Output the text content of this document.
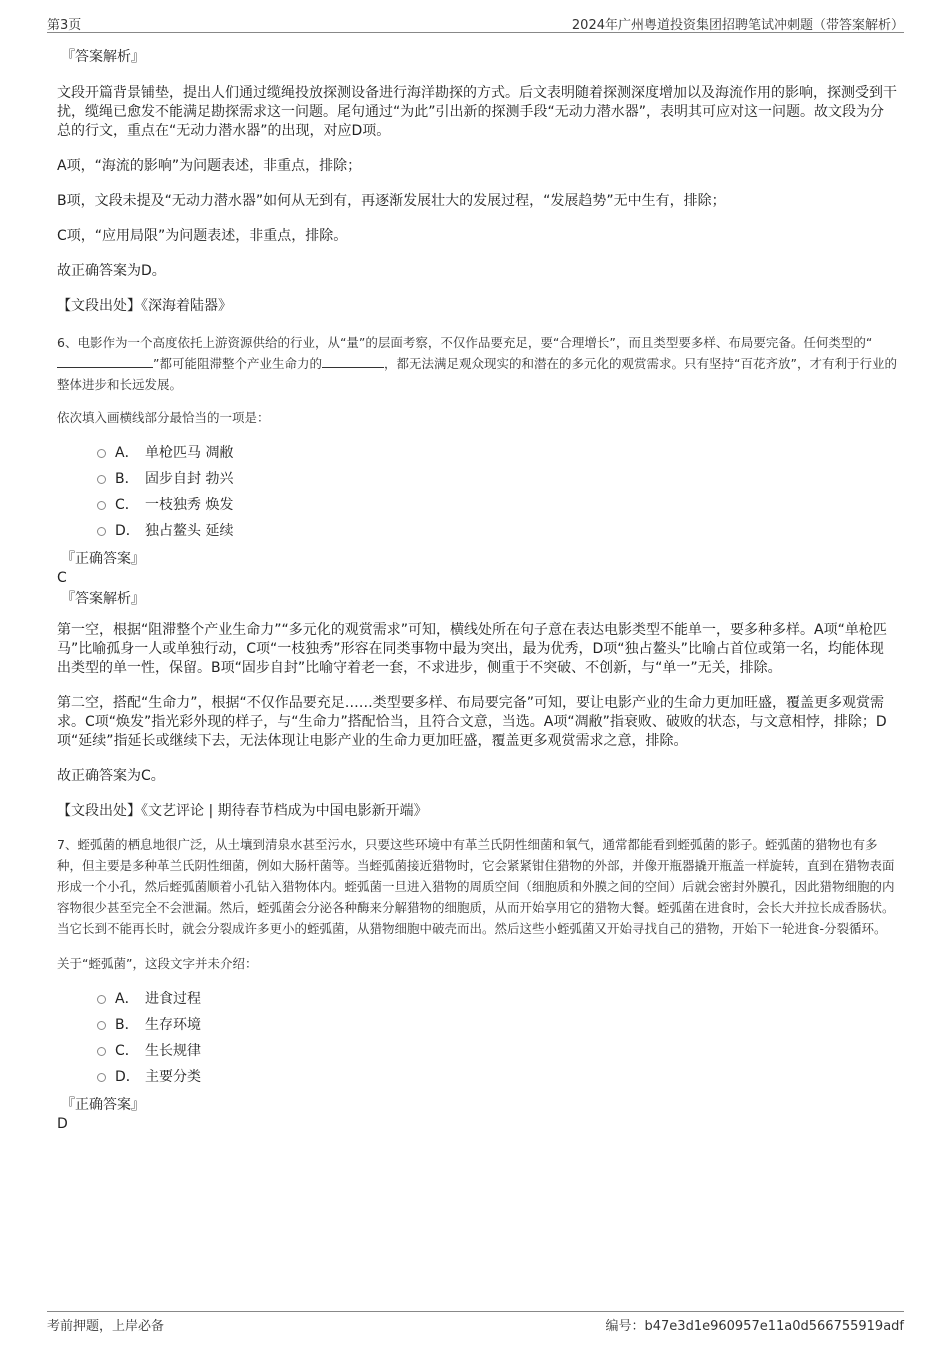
第3页	2024年广州粤道投资集团招聘笔试冲刺题（带答案解析）

『答案解析』

文段开篇背景铺垫，提出人们通过缆绳投放探测设备进行海洋勘探的方式。后文表明随着探测深度增加以及海流作用的影响，探测受到干扰，缆绳已愈发不能满足勘探需求这一问题。尾句通过“为此”引出新的探测手段“无动力潜水器”，表明其可应对这一问题。故文段为分总的行文，重点在“无动力潜水器”的出现，对应D项。

A项，“海流的影响”为问题表述，非重点，排除；

B项，文段未提及“无动力潜水器”如何从无到有，再逐渐发展壮大的发展过程，“发展趋势”无中生有，排除；

C项，“应用局限”为问题表述，非重点，排除。

故正确答案为D。

【文段出处】《深海着陆器》

6、电影作为一个高度依托上游资源供给的行业，从“量”的层面考察，不仅作品要充足，要“合理增长”，而且类型要多样、布局要完备。任何类型的“”都可能阻滞整个产业生命力的	，都无法满足观众现实的和潜在的多元化的观赏需求。只有坚持“百花齐放”，才有利于行业的整体进步和长远发展。

依次填入画横线部分最恰当的一项是：

A． 单枪匹马 凋敝
B． 固步自封 勃兴
C． 一枝独秀 焕发
D． 独占鳌头 延续

『正确答案』

C

『答案解析』

第一空，根据“阻滞整个产业生命力”“多元化的观赏需求”可知，横线处所在句子意在表达电影类型不能单一，要多种多样。A项“单枪匹马”比喻孤身一人或单独行动，C项“一枝独秀”形容在同类事物中最为突出，最为优秀，D项“独占鳌头”比喻占首位或第一名，均能体现出类型的单一性，保留。B项“固步自封”比喻守着老一套，不求进步，侧重于不突破、不创新，与“单一”无关，排除。

第二空，搭配“生命力”，根据“不仅作品要充足……类型要多样、布局要完备”可知，要让电影产业的生命力更加旺盛，覆盖更多观赏需求。C项“焕发”指光彩外现的样子，与“生命力”搭配恰当，且符合文意，当选。A项“凋敝”指衰败、破败的状态，与文意相悖，排除；D项“延续”指延长或继续下去，无法体现让电影产业的生命力更加旺盛，覆盖更多观赏需求之意，排除。

故正确答案为C。

【文段出处】《文艺评论 | 期待春节档成为中国电影新开端》

7、蛭弧菌的栖息地很广泛，从土壤到清泉水甚至污水，只要这些环境中有革兰氏阴性细菌和氧气，通常都能看到蛭弧菌的影子。蛭弧菌的猎物也有多种，但主要是多种革兰氏阴性细菌，例如大肠杆菌等。当蛭弧菌接近猎物时，它会紧紧钳住猎物的外部，并像开瓶器撬开瓶盖一样旋转，直到在猎物表面形成一个小孔，然后蛭弧菌顺着小孔钻入猎物体内。蛭弧菌一旦进入猎物的周质空间（细胞质和外膜之间的空间）后就会密封外膜孔，因此猎物细胞的内容物很少甚至完全不会泄漏。然后，蛭弧菌会分泌各种酶来分解猎物的细胞质，从而开始享用它的猎物大餐。蛭弧菌在进食时，会长大并拉长成香肠状。当它长到不能再长时，就会分裂成许多更小的蛭弧菌，从猎物细胞中破壳而出。然后这些小蛭弧菌又开始寻找自己的猎物，开始下一轮进食-分裂循环。

关于“蛭弧菌”，这段文字并未介绍：

A． 进食过程
B． 生存环境
C． 生长规律
D． 主要分类

『正确答案』

D

考前押题，上岸必备	编号：b47e3d1e960957e11a0d566755919adf
